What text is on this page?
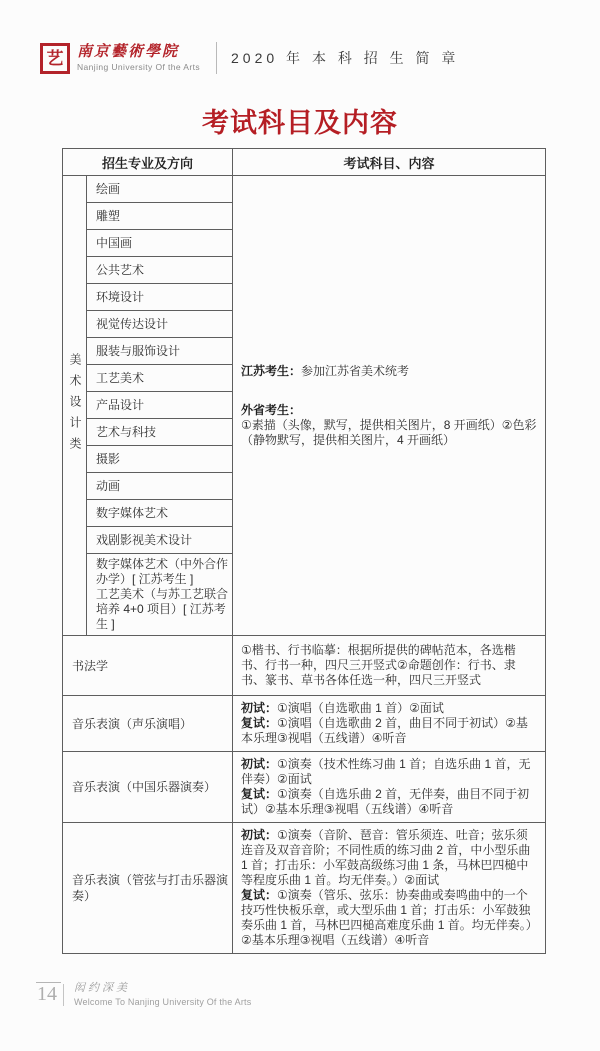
艺 南京藝術學院
Nanjing University Of the Arts
2020 年 本 科 招 生 简 章
考试科目及内容
招生专业及方向		考试科目、内容

美术设计类	绘画	江苏考生：参加江苏省美术统考

外省考生：

①素描（头像，默写，提供相关图片，8 开画纸）②色彩（静物默写，提供相关图片，4 开画纸）

	雕塑	
	中国画	
	公共艺术	
	环境设计	
	视觉传达设计	
	服装与服饰设计	
	工艺美术	
	产品设计	
	艺术与科技	
	摄影	
	动画	
	数字媒体艺术	
	戏剧影视美术设计	

	数字媒体艺术（中外合作办学）[ 江苏考生 ]
工艺美术（与苏工艺联合培养 4+0 项目）[ 江苏考生 ]	

书法学		①楷书、行书临摹：根据所提供的碑帖范本，各选楷书、行书一种，四尺三开竖式②命题创作：行书、隶书、篆书、草书各体任选一种，四尺三开竖式
音乐表演（声乐演唱）		初试：①演唱（自选歌曲 1 首）②面试
复试：①演唱（自选歌曲 2 首，曲目不同于初试）②基本乐理③视唱（五线谱）④听音

音乐表演（中国乐器演奏）		初试：①演奏（技术性练习曲 1 首；自选乐曲 1 首，无伴奏）②面试
复试：①演奏（自选乐曲 2 首，无伴奏，曲目不同于初试）②基本乐理③视唱（五线谱）④听音

音乐表演（管弦与打击乐器演奏）		初试：①演奏（音阶、琶音：管乐须连、吐音；弦乐须连音及双音音阶；不同性质的练习曲 2 首，中小型乐曲 1 首；打击乐：小军鼓高级练习曲 1 条，马林巴四槌中等程度乐曲 1 首。均无伴奏。）②面试
复试：①演奏（管乐、弦乐：协奏曲或奏鸣曲中的一个技巧性快板乐章，或大型乐曲 1 首；打击乐：小军鼓独奏乐曲 1 首，马林巴四槌高难度乐曲 1 首。均无伴奏。）②基本乐理③视唱（五线谱）④听音
14	闳约深美
Welcome To Nanjing University Of the Arts
